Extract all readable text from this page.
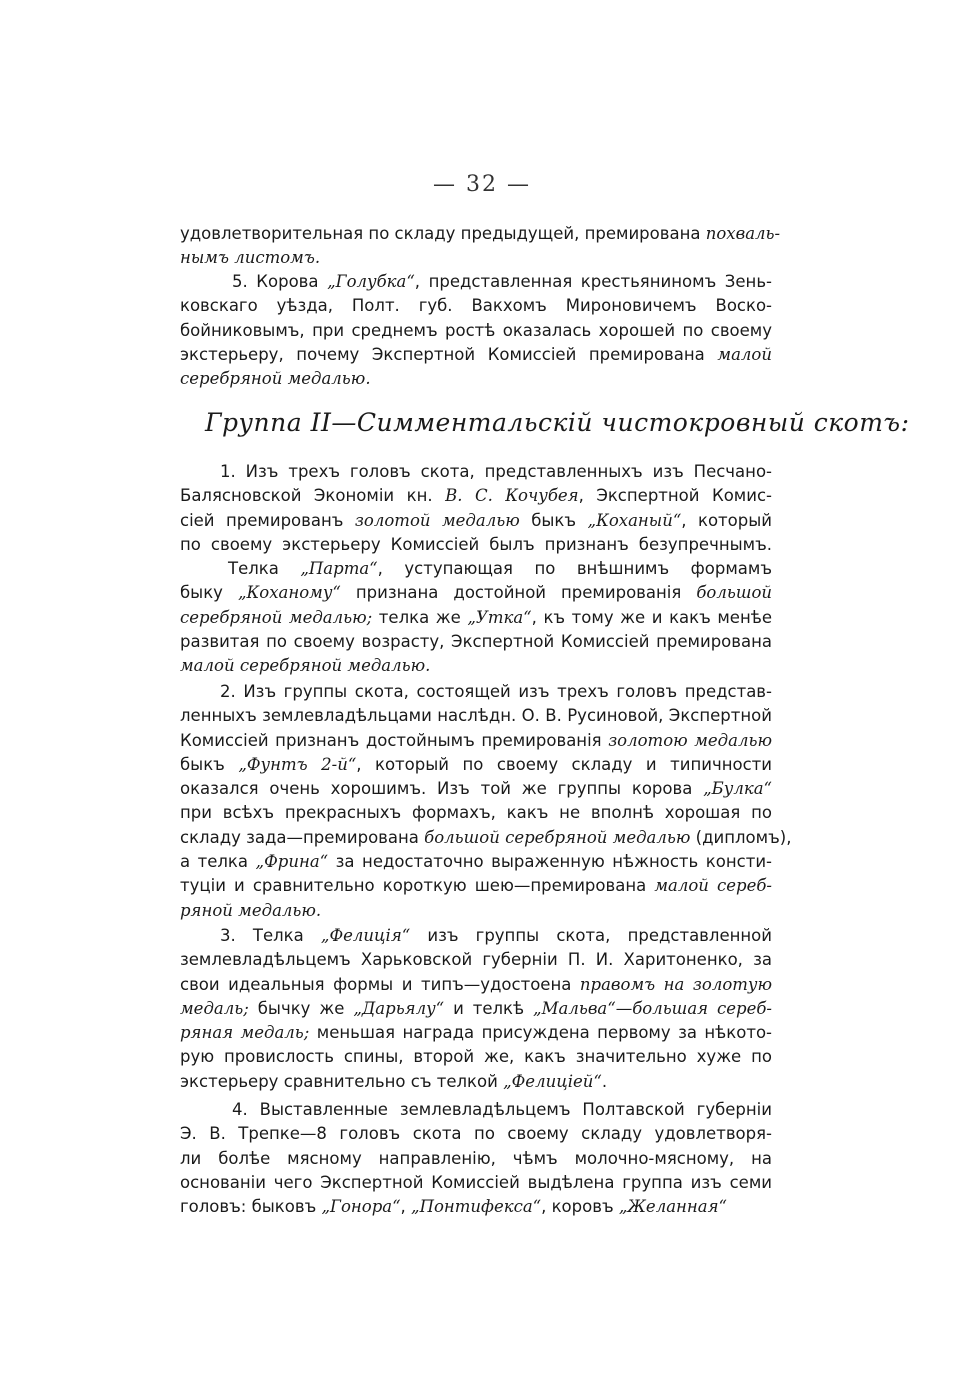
— 32 —
Группа II—Симментальскій чистокровный скотъ:
удовлетворительная по складу предыдущей, премирована похваль-
нымъ листомъ.
5. Корова „Голубка“, представленная крестьяниномъ Зень-
ковскаго уѣзда, Полт. губ. Вакхомъ Мироновичемъ Воско-
бойниковымъ, при среднемъ ростѣ оказалась хорошей по своему
экстерьеру, почему Экспертной Комиссіей премирована малой
серебряной медалью.
1. Изъ трехъ головъ скота, представленныхъ изъ Песчано-
Балясновской Экономіи кн. В. С. Кочубея, Экспертной Комис-
сіей премированъ золотой медалью быкъ „Коханый“, который
по своему экстерьеру Комиссіей былъ признанъ безупречнымъ.
Телка „Парта“, уступающая по внѣшнимъ формамъ
быку „Коханому“ признана достойной премированія большой
серебряной медалью; телка же „Утка“, къ тому же и какъ менѣе
развитая по своему возрасту, Экспертной Комиссіей премирована
малой серебряной медалью.
2. Изъ группы скота, состоящей изъ трехъ головъ представ-
ленныхъ землевладѣльцами наслѣдн. О. В. Русиновой, Экспертной
Комиссіей признанъ достойнымъ премированія золотою медалью
быкъ „Фунтъ 2-й“, который по своему складу и типичности
оказался очень хорошимъ. Изъ той же группы корова „Булка“
при всѣхъ прекрасныхъ формахъ, какъ не вполнѣ хорошая по
складу зада—премирована большой серебряной медалью (дипломъ),
а телка „Фрина“ за недостаточно выраженную нѣжность консти-
туціи и сравнительно короткую шею—премирована малой сереб-
ряной медалью.
3. Телка „Фелиція“ изъ группы скота, представленной
землевладѣльцемъ Харьковской губерніи П. И. Харитоненко, за
свои идеальныя формы и типъ—удостоена правомъ на золотую
медаль; бычку же „Дарьялу“ и телкѣ „Мальва“—большая сереб-
ряная медаль; меньшая награда присуждена первому за нѣкото-
рую провислость спины, второй же, какъ значительно хуже по
экстерьеру сравнительно съ телкой „Фелиціей“.
4. Выставленные землевладѣльцемъ Полтавской губерніи
Э. В. Трепке—8 головъ скота по своему складу удовлетворя-
ли болѣе мясному направленію, чѣмъ молочно-мясному, на
основаніи чего Экспертной Комиссіей выдѣлена группа изъ семи
головъ: быковъ „Гонора“, „Понтифекса“, коровъ „Желанная“
